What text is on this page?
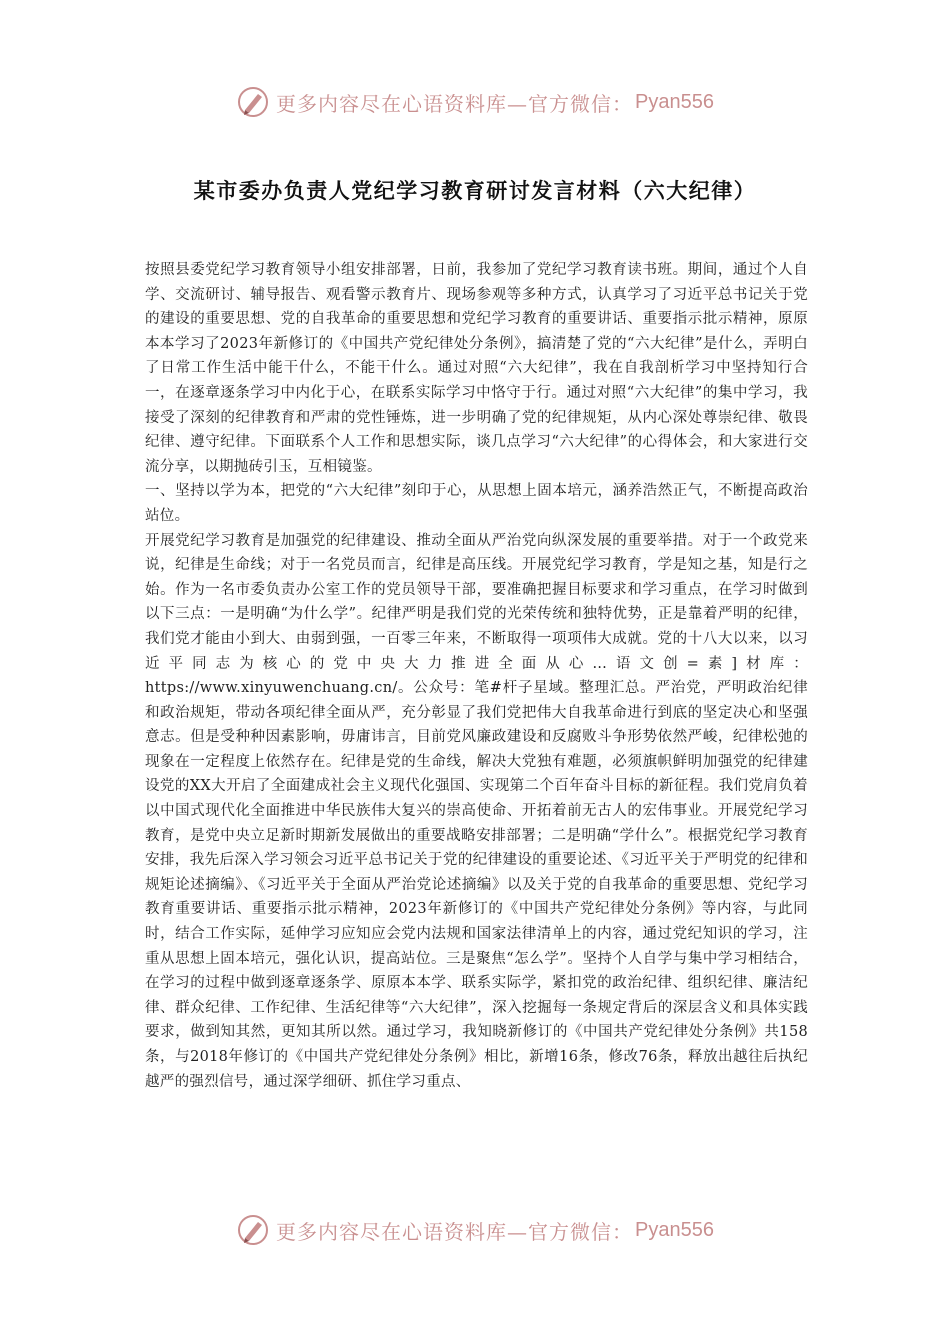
更多内容尽在心语资料库—官方微信： Pyan556
某市委办负责人党纪学习教育研讨发言材料（六大纪律）

按照县委党纪学习教育领导小组安排部署，日前，我参加了党纪学习教育读书班。期间，通过个人自学、交流研讨、辅导报告、观看警示教育片、现场参观等多种方式，认真学习了习近平总书记关于党的建设的重要思想、党的自我革命的重要思想和党纪学习教育的重要讲话、重要指示批示精神，原原本本学习了2023年新修订的《中国共产党纪律处分条例》，搞清楚了党的“六大纪律”是什么，弄明白了日常工作生活中能干什么，不能干什么。通过对照“六大纪律”，我在自我剖析学习中坚持知行合一，在逐章逐条学习中内化于心，在联系实际学习中恪守于行。通过对照“六大纪律”的集中学习，我接受了深刻的纪律教育和严肃的党性锤炼，进一步明确了党的纪律规矩，从内心深处尊崇纪律、敬畏纪律、遵守纪律。下面联系个人工作和思想实际，谈几点学习“六大纪律”的心得体会，和大家进行交流分享，以期抛砖引玉，互相镜鉴。

一、坚持以学为本，把党的“六大纪律”刻印于心，从思想上固本培元，涵养浩然正气，不断提高政治站位。

开展党纪学习教育是加强党的纪律建设、推动全面从严治党向纵深发展的重要举措。对于一个政党来说，纪律是生命线；对于一名党员而言，纪律是高压线。开展党纪学习教育，学是知之基，知是行之始。作为一名市委负责办公室工作的党员领导干部，要准确把握目标要求和学习重点，在学习时做到以下三点：一是明确“为什么学”。纪律严明是我们党的光荣传统和独特优势，正是靠着严明的纪律，我们党才能由小到大、由弱到强，一百零三年来，不断取得一项项伟大成就。党的十八大以来，以习近平同志为核心的党中央大力推进全面从心…语文创=素]材库：https://www.xinyuwenchuang.cn/。公众号：笔#杆子星域。整理汇总。严治党，严明政治纪律和政治规矩，带动各项纪律全面从严，充分彰显了我们党把伟大自我革命进行到底的坚定决心和坚强意志。但是受种种因素影响，毋庸讳言，目前党风廉政建设和反腐败斗争形势依然严峻，纪律松弛的现象在一定程度上依然存在。纪律是党的生命线，解决大党独有难题，必须旗帜鲜明加强党的纪律建设党的XX大开启了全面建成社会主义现代化强国、实现第二个百年奋斗目标的新征程。我们党肩负着以中国式现代化全面推进中华民族伟大复兴的崇高使命、开拓着前无古人的宏伟事业。开展党纪学习教育，是党中央立足新时期新发展做出的重要战略安排部署；二是明确“学什么”。根据党纪学习教育安排，我先后深入学习领会习近平总书记关于党的纪律建设的重要论述、《习近平关于严明党的纪律和规矩论述摘编》、《习近平关于全面从严治党论述摘编》以及关于党的自我革命的重要思想、党纪学习教育重要讲话、重要指示批示精神，2023年新修订的《中国共产党纪律处分条例》等内容，与此同时，结合工作实际，延伸学习应知应会党内法规和国家法律清单上的内容，通过党纪知识的学习，注重从思想上固本培元，强化认识，提高站位。三是聚焦“怎么学”。坚持个人自学与集中学习相结合，在学习的过程中做到逐章逐条学、原原本本学、联系实际学，紧扣党的政治纪律、组织纪律、廉洁纪律、群众纪律、工作纪律、生活纪律等“六大纪律”，深入挖掘每一条规定背后的深层含义和具体实践要求，做到知其然，更知其所以然。通过学习，我知晓新修订的《中国共产党纪律处分条例》共158条，与2018年修订的《中国共产党纪律处分条例》相比，新增16条，修改76条，释放出越往后执纪越严的强烈信号，通过深学细研、抓住学习重点、

更多内容尽在心语资料库—官方微信： Pyan556
